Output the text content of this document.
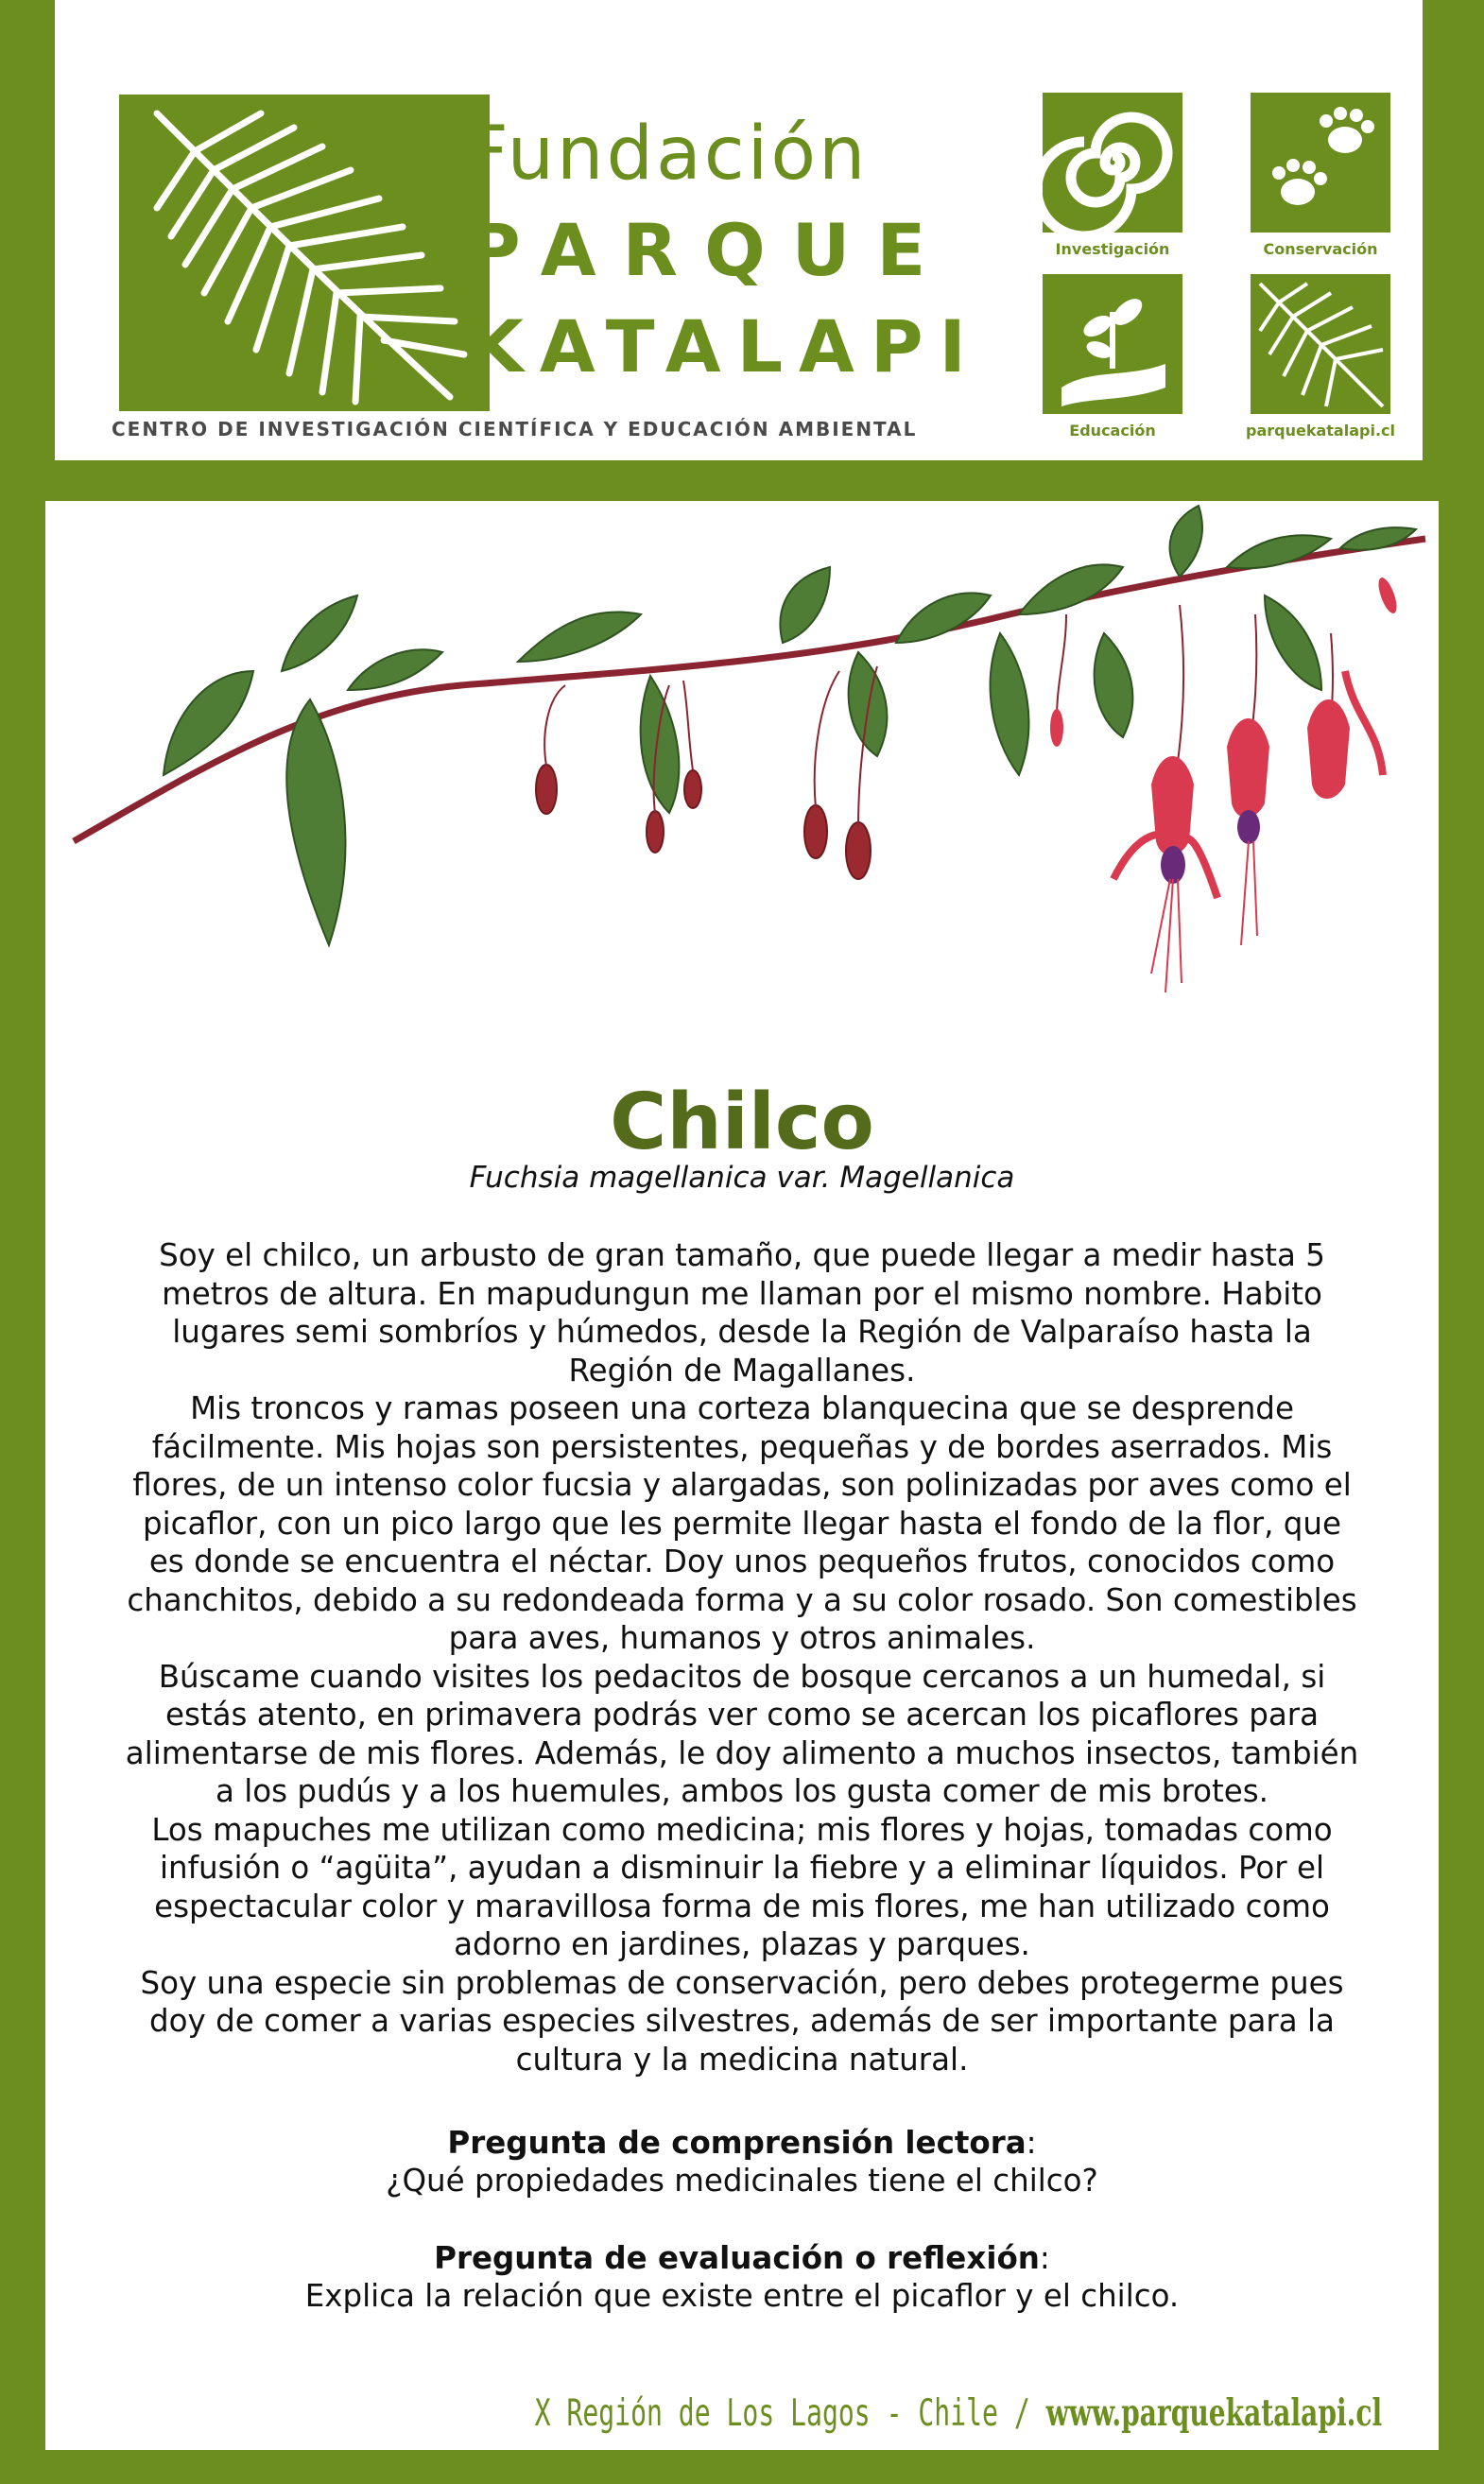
Fundación
PARQUE
KATALAPI
CENTRO DE INVESTIGACIÓN CIENTÍFICA Y EDUCACIÓN AMBIENTAL
Investigación	Conservación
Educación	parquekatalapi.cl
Chilco
Fuchsia magellanica var. Magellanica

Soy el chilco, un arbusto de gran tamaño, que puede llegar a medir hasta 5 metros de altura. En mapudungun me llaman por el mismo nombre. Habito lugares semi sombríos y húmedos, desde la Región de Valparaíso hasta la Región de Magallanes.

Mis troncos y ramas poseen una corteza blanquecina que se desprende fácilmente. Mis hojas son persistentes, pequeñas y de bordes aserrados. Mis flores, de un intenso color fucsia y alargadas, son polinizadas por aves como el picaflor, con un pico largo que les permite llegar hasta el fondo de la flor, que es donde se encuentra el néctar. Doy unos pequeños frutos, conocidos como chanchitos, debido a su redondeada forma y a su color rosado. Son comestibles para aves, humanos y otros animales.

Búscame cuando visites los pedacitos de bosque cercanos a un humedal, si estás atento, en primavera podrás ver como se acercan los picaflores para alimentarse de mis flores. Además, le doy alimento a muchos insectos, también a los pudús y a los huemules, ambos los gusta comer de mis brotes.

Los mapuches me utilizan como medicina; mis flores y hojas, tomadas como infusión o “agüita”, ayudan a disminuir la fiebre y a eliminar líquidos. Por el espectacular color y maravillosa forma de mis flores, me han utilizado como adorno en jardines, plazas y parques.

Soy una especie sin problemas de conservación, pero debes protegerme pues doy de comer a varias especies silvestres, además de ser importante para la cultura y la medicina natural.

Pregunta de comprensión lectora:
¿Qué propiedades medicinales tiene el chilco?
Pregunta de evaluación o reflexión:
Explica la relación que existe entre el picaflor y el chilco.
X Región de Los Lagos - Chile / www.parquekatalapi.cl
